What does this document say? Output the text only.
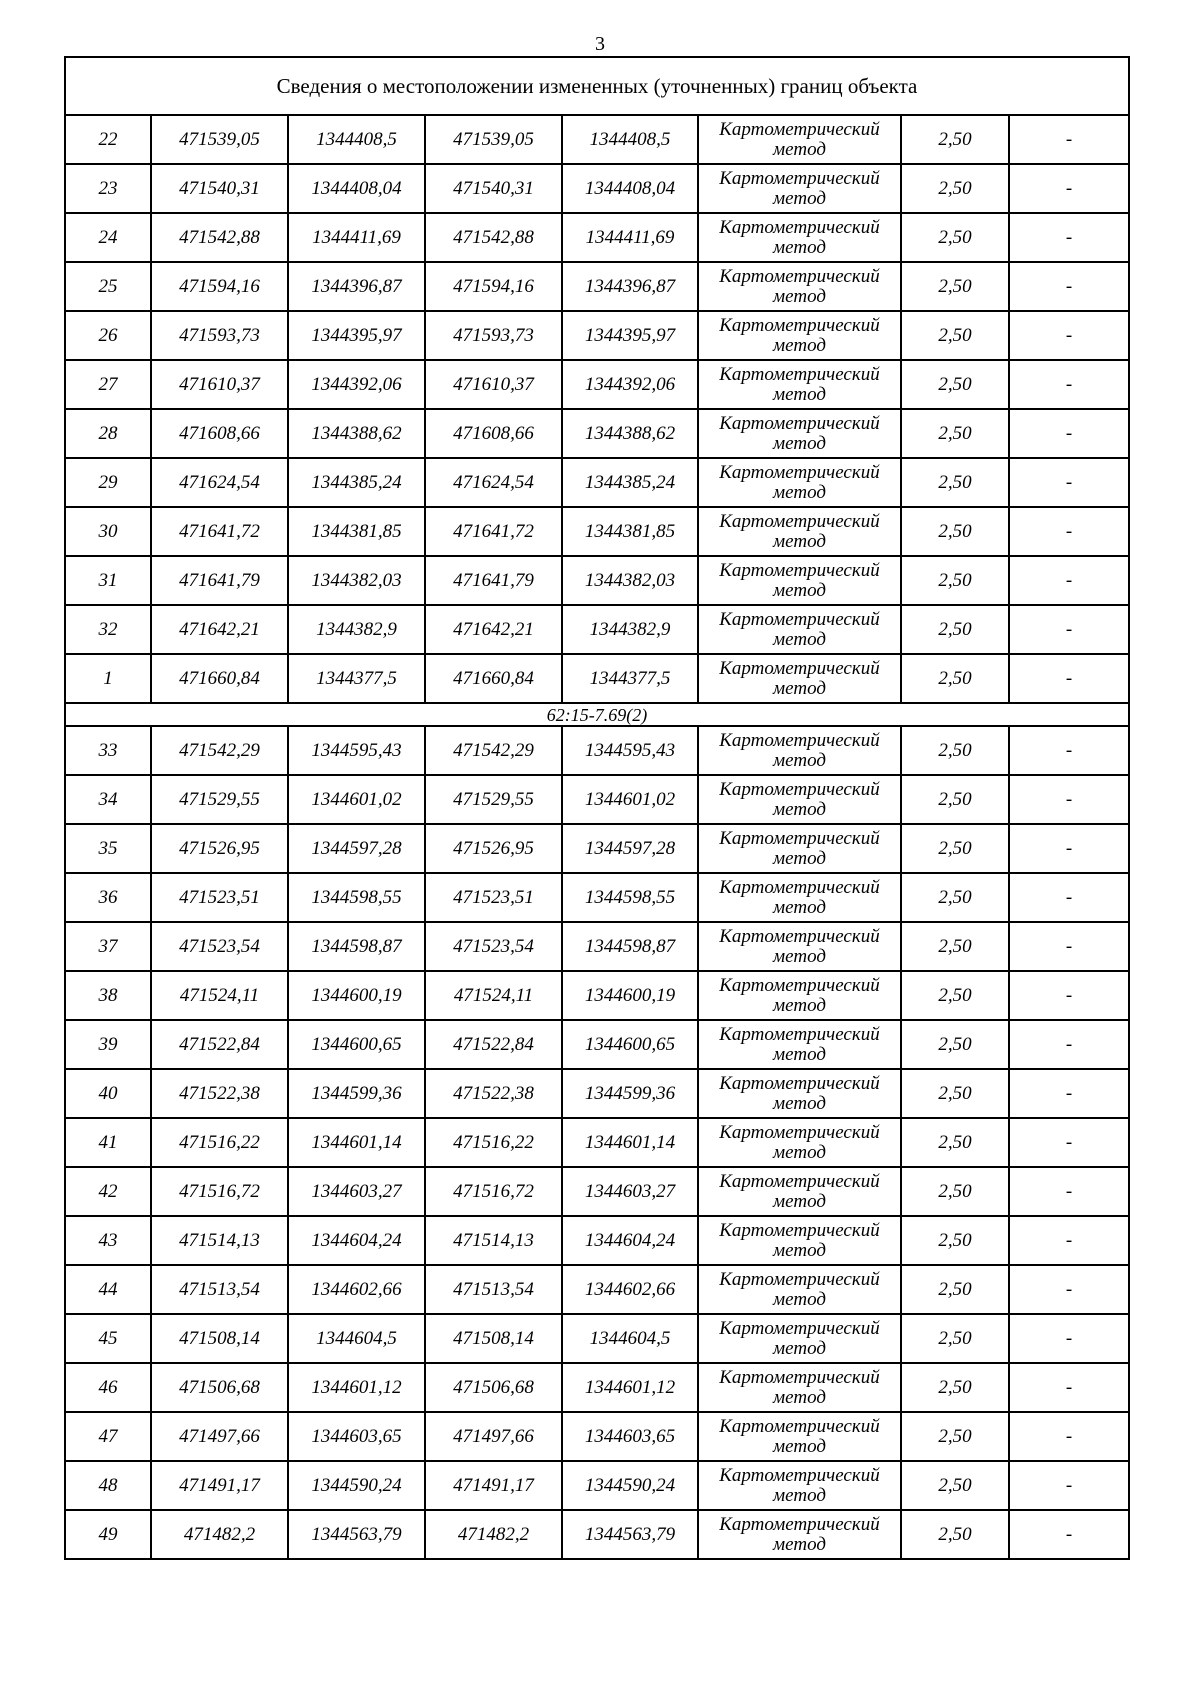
3
Сведения о местоположении измененных (уточненных) границ объекта							
22	471539,05	1344408,5	471539,05	1344408,5	Картометрический
метод	2,50	-
23	471540,31	1344408,04	471540,31	1344408,04	Картометрический
метод	2,50	-
24	471542,88	1344411,69	471542,88	1344411,69	Картометрический
метод	2,50	-
25	471594,16	1344396,87	471594,16	1344396,87	Картометрический
метод	2,50	-
26	471593,73	1344395,97	471593,73	1344395,97	Картометрический
метод	2,50	-
27	471610,37	1344392,06	471610,37	1344392,06	Картометрический
метод	2,50	-
28	471608,66	1344388,62	471608,66	1344388,62	Картометрический
метод	2,50	-
29	471624,54	1344385,24	471624,54	1344385,24	Картометрический
метод	2,50	-
30	471641,72	1344381,85	471641,72	1344381,85	Картометрический
метод	2,50	-
31	471641,79	1344382,03	471641,79	1344382,03	Картометрический
метод	2,50	-
32	471642,21	1344382,9	471642,21	1344382,9	Картометрический
метод	2,50	-
1	471660,84	1344377,5	471660,84	1344377,5	Картометрический
метод	2,50	-
62:15-7.69(2)							
33	471542,29	1344595,43	471542,29	1344595,43	Картометрический
метод	2,50	-
34	471529,55	1344601,02	471529,55	1344601,02	Картометрический
метод	2,50	-
35	471526,95	1344597,28	471526,95	1344597,28	Картометрический
метод	2,50	-
36	471523,51	1344598,55	471523,51	1344598,55	Картометрический
метод	2,50	-
37	471523,54	1344598,87	471523,54	1344598,87	Картометрический
метод	2,50	-
38	471524,11	1344600,19	471524,11	1344600,19	Картометрический
метод	2,50	-
39	471522,84	1344600,65	471522,84	1344600,65	Картометрический
метод	2,50	-
40	471522,38	1344599,36	471522,38	1344599,36	Картометрический
метод	2,50	-
41	471516,22	1344601,14	471516,22	1344601,14	Картометрический
метод	2,50	-
42	471516,72	1344603,27	471516,72	1344603,27	Картометрический
метод	2,50	-
43	471514,13	1344604,24	471514,13	1344604,24	Картометрический
метод	2,50	-
44	471513,54	1344602,66	471513,54	1344602,66	Картометрический
метод	2,50	-
45	471508,14	1344604,5	471508,14	1344604,5	Картометрический
метод	2,50	-
46	471506,68	1344601,12	471506,68	1344601,12	Картометрический
метод	2,50	-
47	471497,66	1344603,65	471497,66	1344603,65	Картометрический
метод	2,50	-
48	471491,17	1344590,24	471491,17	1344590,24	Картометрический
метод	2,50	-
49	471482,2	1344563,79	471482,2	1344563,79	Картометрический
метод	2,50	-
